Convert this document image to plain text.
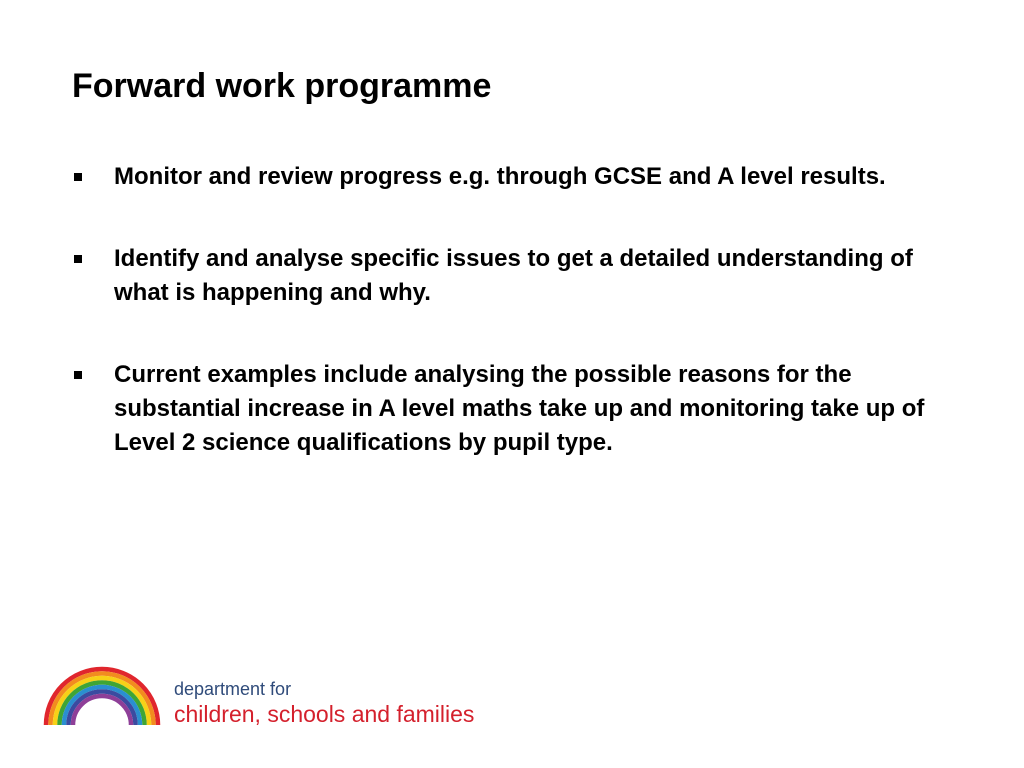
Forward work programme
Monitor and review progress e.g. through GCSE and A level results.
Identify and analyse specific issues to get a detailed understanding of what is happening and why.
Current examples include analysing the possible reasons for the substantial increase in A level maths take up and monitoring take up of Level 2 science qualifications by pupil type.
department for
children, schools and families
